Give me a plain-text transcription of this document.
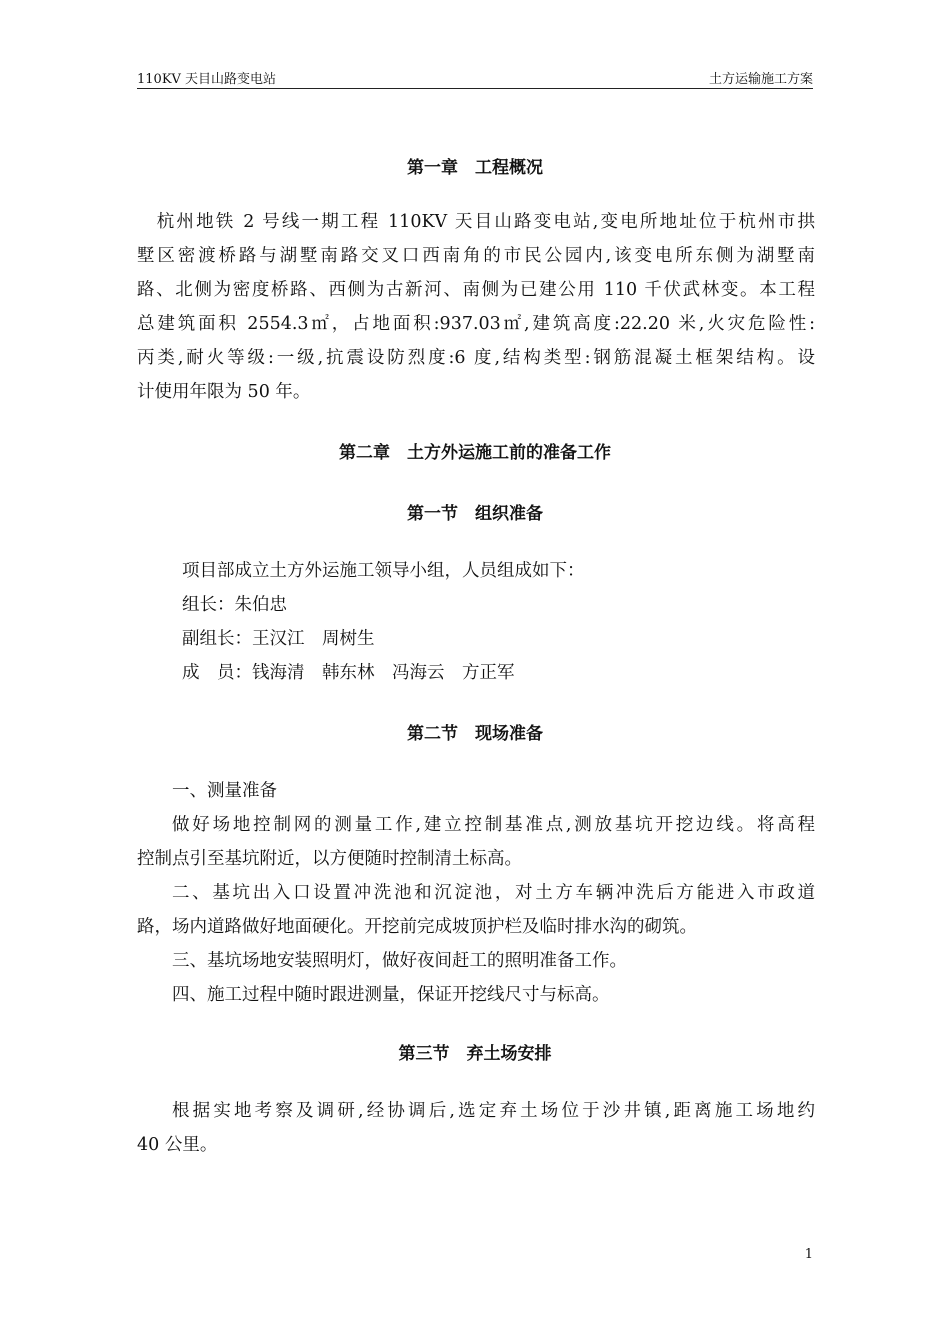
110KV 天目山路变电站	土方运输施工方案
第一章　工程概况
　杭州地铁 2 号线一期工程 110KV 天目山路变电站,变电所地址位于杭州市拱
墅区密渡桥路与湖墅南路交叉口西南角的市民公园内,该变电所东侧为湖墅南
路、北侧为密度桥路、西侧为古新河、南侧为已建公用 110 千伏武林变。本工程
总建筑面积 2554.3㎡，占地面积:937.03㎡,建筑高度:22.20 米,火灾危险性:
丙类,耐火等级:一级,抗震设防烈度:6 度,结构类型:钢筋混凝土框架结构。设
计使用年限为 50 年。
第二章　土方外运施工前的准备工作
第一节　组织准备
项目部成立土方外运施工领导小组，人员组成如下：
组长：朱伯忠
副组长：王汉江　周树生
成　员：钱海清　韩东林　冯海云　方正军
第二节　现场准备
一、测量准备
做好场地控制网的测量工作,建立控制基准点,测放基坑开挖边线。将高程
控制点引至基坑附近，以方便随时控制清土标高。
二、基坑出入口设置冲洗池和沉淀池，对土方车辆冲洗后方能进入市政道
路，场内道路做好地面硬化。开挖前完成坡顶护栏及临时排水沟的砌筑。
三、基坑场地安装照明灯，做好夜间赶工的照明准备工作。
四、施工过程中随时跟进测量，保证开挖线尺寸与标高。
第三节　弃土场安排
根据实地考察及调研,经协调后,选定弃土场位于沙井镇,距离施工场地约
40 公里。
1
